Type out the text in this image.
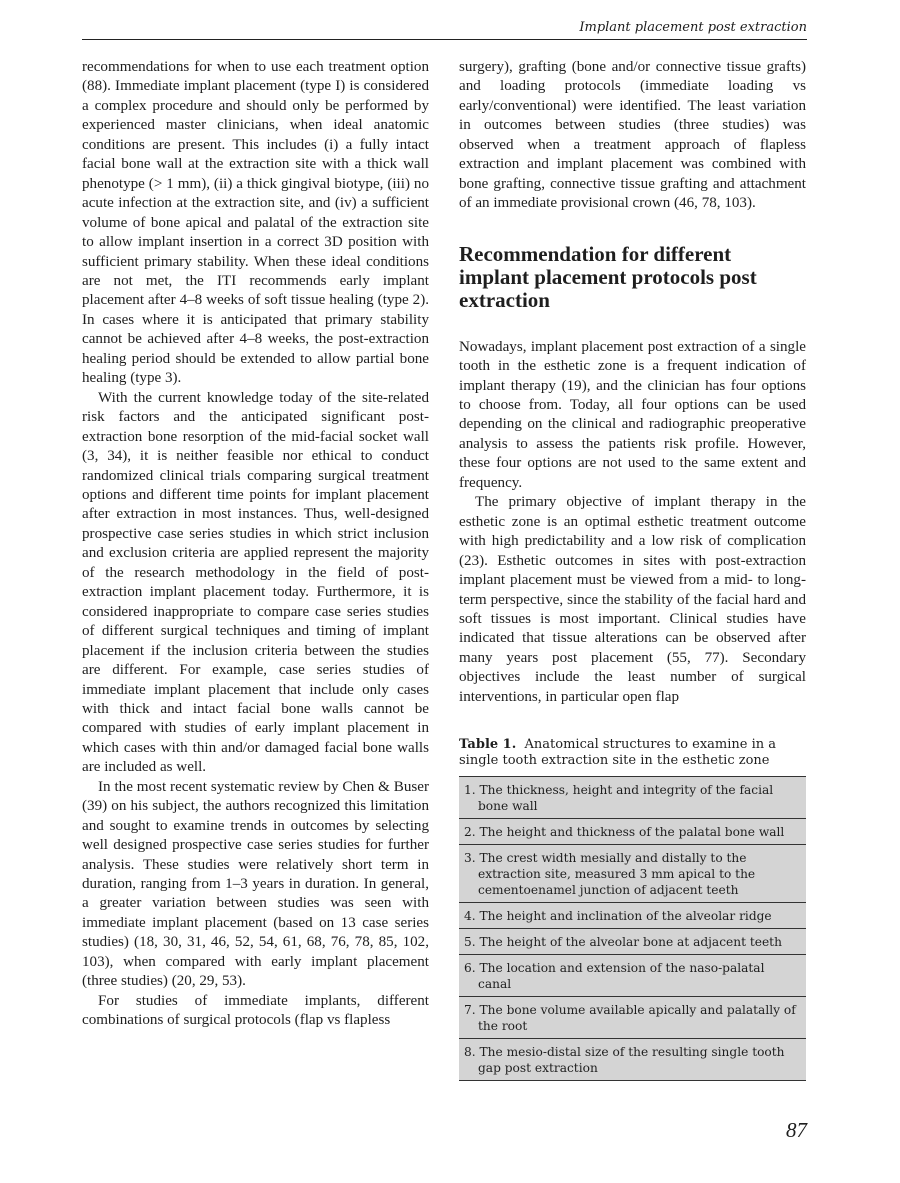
Implant placement post extraction

recommendations for when to use each treatment option (88). Immediate implant placement (type I) is considered a complex procedure and should only be performed by experienced master clinicians, when ideal anatomic conditions are present. This includes (i) a fully intact facial bone wall at the extraction site with a thick wall phenotype (> 1 mm), (ii) a thick gingival biotype, (iii) no acute infection at the extraction site, and (iv) a sufficient volume of bone apical and palatal of the extraction site to allow implant insertion in a correct 3D position with sufficient primary stability. When these ideal conditions are not met, the ITI recommends early implant placement after 4–8 weeks of soft tissue healing (type 2). In cases where it is anticipated that primary stability cannot be achieved after 4–8 weeks, the post-extraction healing period should be extended to allow partial bone healing (type 3).

With the current knowledge today of the site-related risk factors and the anticipated significant post-extraction bone resorption of the mid-facial socket wall (3, 34), it is neither feasible nor ethical to conduct randomized clinical trials comparing surgical treatment options and different time points for implant placement after extraction in most instances. Thus, well-designed prospective case series studies in which strict inclusion and exclusion criteria are applied represent the majority of the research methodology in the field of post-extraction implant placement today. Furthermore, it is considered inappropriate to compare case series studies of different surgical techniques and timing of implant placement if the inclusion criteria between the studies are different. For example, case series studies of immediate implant placement that include only cases with thick and intact facial bone walls cannot be compared with studies of early implant placement in which cases with thin and/or damaged facial bone walls are included as well.

In the most recent systematic review by Chen & Buser (39) on his subject, the authors recognized this limitation and sought to examine trends in outcomes by selecting well designed prospective case series studies for further analysis. These studies were relatively short term in duration, ranging from 1–3 years in duration. In general, a greater variation between studies was seen with immediate implant placement (based on 13 case series studies) (18, 30, 31, 46, 52, 54, 61, 68, 76, 78, 85, 102, 103), when compared with early implant placement (three studies) (20, 29, 53).

For studies of immediate implants, different combinations of surgical protocols (flap vs flapless

surgery), grafting (bone and/or connective tissue grafts) and loading protocols (immediate loading vs early/conventional) were identified. The least variation in outcomes between studies (three studies) was observed when a treatment approach of flapless extraction and implant placement was combined with bone grafting, connective tissue grafting and attachment of an immediate provisional crown (46, 78, 103).

Recommendation for different implant placement protocols post extraction

Nowadays, implant placement post extraction of a single tooth in the esthetic zone is a frequent indication of implant therapy (19), and the clinician has four options to choose from. Today, all four options can be used depending on the clinical and radiographic preoperative analysis to assess the patients risk profile. However, these four options are not used to the same extent and frequency.

The primary objective of implant therapy in the esthetic zone is an optimal esthetic treatment outcome with high predictability and a low risk of complication (23). Esthetic outcomes in sites with post-extraction implant placement must be viewed from a mid- to long-term perspective, since the stability of the facial hard and soft tissues is most important. Clinical studies have indicated that tissue alterations can be observed after many years post placement (55, 77). Secondary objectives include the least number of surgical interventions, in particular open flap

Table 1. Anatomical structures to examine in a single tooth extraction site in the esthetic zone
1. The thickness, height and integrity of the facial bone wall
2. The height and thickness of the palatal bone wall
3. The crest width mesially and distally to the extraction site, measured 3 mm apical to the cementoenamel junction of adjacent teeth
4. The height and inclination of the alveolar ridge
5. The height of the alveolar bone at adjacent teeth
6. The location and extension of the naso-palatal canal
7. The bone volume available apically and palatally of the root
8. The mesio-distal size of the resulting single tooth gap post extraction
87
